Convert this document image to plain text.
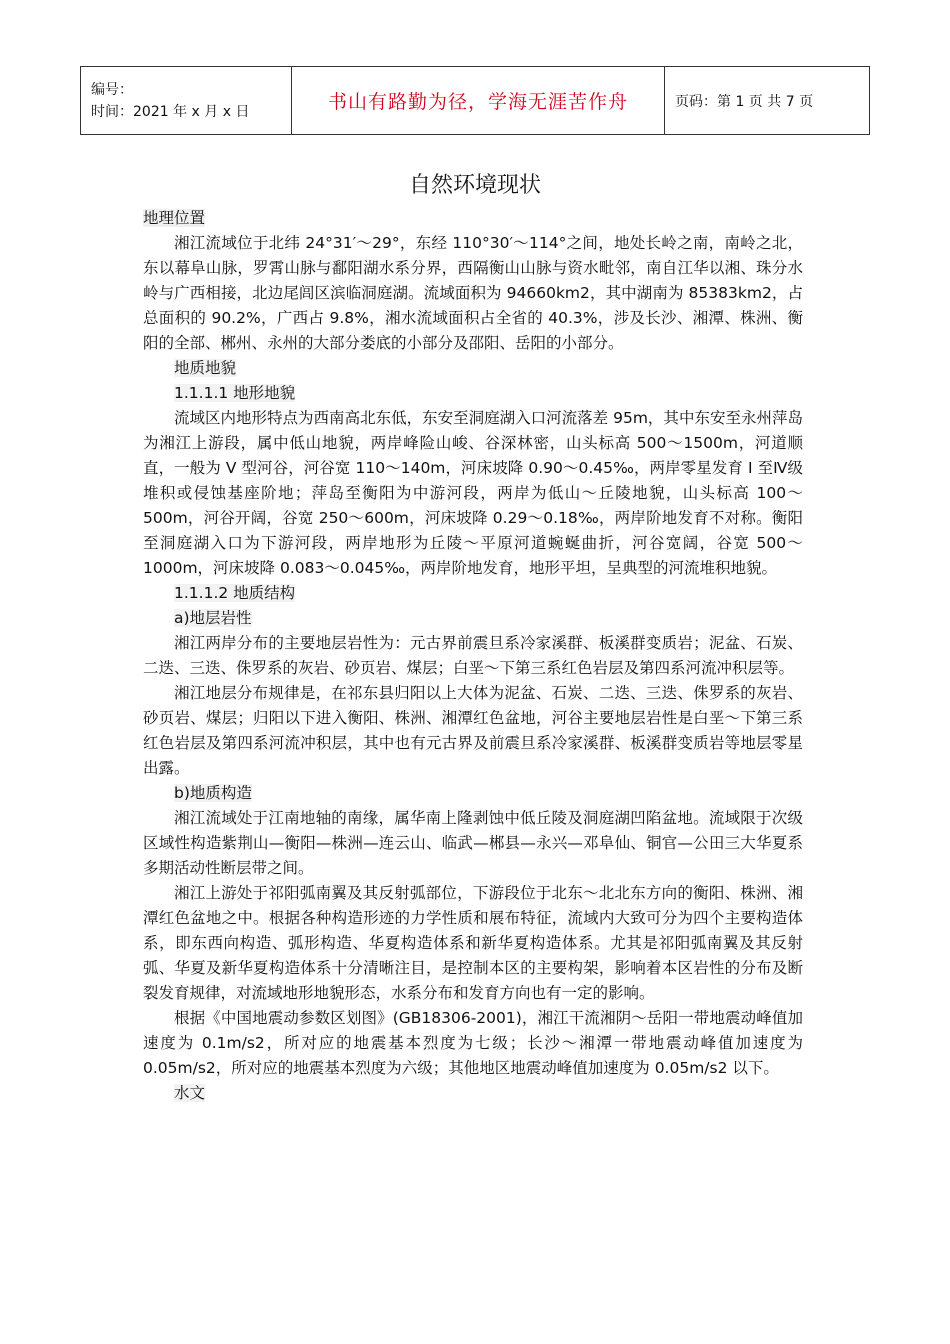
编号：
时间：2021 年 x 月 x 日	书山有路勤为径，学海无涯苦作舟	页码：第 1 页 共 7 页
自然环境现状

地理位置

湘江流域位于北纬 24°31′～29°，东经 110°30′～114°之间，地处长岭之南，南岭之北，东以幕阜山脉，罗霄山脉与鄱阳湖水系分界，西隔衡山山脉与资水毗邻，南自江华以湘、珠分水岭与广西相接，北边尾闾区滨临洞庭湖。流域面积为 94660km2，其中湖南为 85383km2，占总面积的 90.2%，广西占 9.8%，湘水流域面积占全省的 40.3%，涉及长沙、湘潭、株洲、衡阳的全部、郴州、永州的大部分娄底的小部分及邵阳、岳阳的小部分。

地质地貌

1.1.1.1 地形地貌

流域区内地形特点为西南高北东低，东安至洞庭湖入口河流落差 95m，其中东安至永州萍岛为湘江上游段，属中低山地貌，两岸峰险山峻、谷深林密，山头标高 500～1500m，河道顺直，一般为 V 型河谷，河谷宽 110～140m，河床坡降 0.90～0.45‰，两岸零星发育 I 至Ⅳ级堆积或侵蚀基座阶地；萍岛至衡阳为中游河段，两岸为低山～丘陵地貌，山头标高 100～500m，河谷开阔，谷宽 250～600m，河床坡降 0.29～0.18‰，两岸阶地发育不对称。衡阳至洞庭湖入口为下游河段，两岸地形为丘陵～平原河道蜿蜒曲折，河谷宽阔，谷宽 500～1000m，河床坡降 0.083～0.045‰，两岸阶地发育，地形平坦，呈典型的河流堆积地貌。

1.1.1.2 地质结构

a)地层岩性

湘江两岸分布的主要地层岩性为：元古界前震旦系冷家溪群、板溪群变质岩；泥盆、石炭、二迭、三迭、侏罗系的灰岩、砂页岩、煤层；白垩～下第三系红色岩层及第四系河流冲积层等。

湘江地层分布规律是，在祁东县归阳以上大体为泥盆、石炭、二迭、三迭、侏罗系的灰岩、砂页岩、煤层；归阳以下进入衡阳、株洲、湘潭红色盆地，河谷主要地层岩性是白垩～下第三系红色岩层及第四系河流冲积层，其中也有元古界及前震旦系冷家溪群、板溪群变质岩等地层零星出露。

b)地质构造

湘江流域处于江南地轴的南缘，属华南上隆剥蚀中低丘陵及洞庭湖凹陷盆地。流域限于次级区域性构造紫荆山—衡阳—株洲—连云山、临武—郴县—永兴—邓阜仙、铜官—公田三大华夏系多期活动性断层带之间。

湘江上游处于祁阳弧南翼及其反射弧部位，下游段位于北东～北北东方向的衡阳、株洲、湘潭红色盆地之中。根据各种构造形迹的力学性质和展布特征，流域内大致可分为四个主要构造体系，即东西向构造、弧形构造、华夏构造体系和新华夏构造体系。尤其是祁阳弧南翼及其反射弧、华夏及新华夏构造体系十分清晰注目，是控制本区的主要构架，影响着本区岩性的分布及断裂发育规律，对流域地形地貌形态，水系分布和发育方向也有一定的影响。

根据《中国地震动参数区划图》(GB18306-2001)，湘江干流湘阴～岳阳一带地震动峰值加速度为 0.1m/s2，所对应的地震基本烈度为七级；长沙～湘潭一带地震动峰值加速度为 0.05m/s2，所对应的地震基本烈度为六级；其他地区地震动峰值加速度为 0.05m/s2 以下。

水文
